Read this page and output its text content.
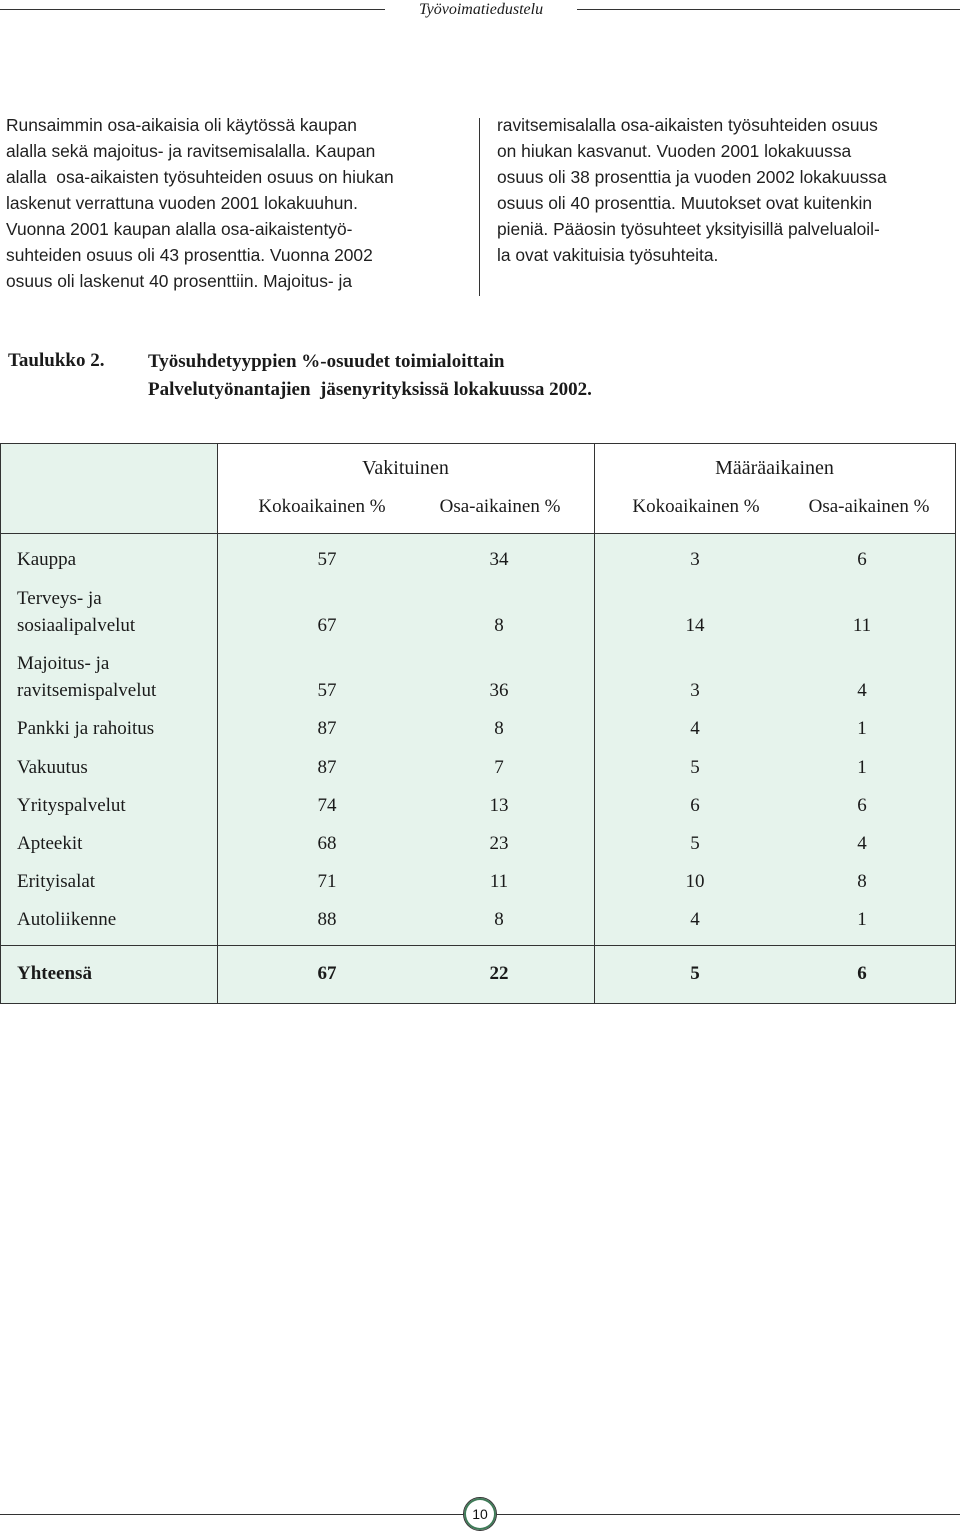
Työvoimatiedustelu
Runsaimmin osa-aikaisia oli käytössä kaupan
alalla sekä majoitus- ja ravitsemisalalla. Kaupan
alalla  osa-aikaisten työsuhteiden osuus on hiukan
laskenut verrattuna vuoden 2001 lokakuuhun.
Vuonna 2001 kaupan alalla osa-aikaistentyö-
suhteiden osuus oli 43 prosenttia. Vuonna 2002
osuus oli laskenut 40 prosenttiin. Majoitus- ja
ravitsemisalalla osa-aikaisten työsuhteiden osuus
on hiukan kasvanut. Vuoden 2001 lokakuussa
osuus oli 38 prosenttia ja vuoden 2002 lokakuussa
osuus oli 40 prosenttia. Muutokset ovat kuitenkin
pieniä. Pääosin työsuhteet yksityisillä palvelualoil-
la ovat vakituisia työsuhteita.
Taulukko 2. Työsuhdetyyppien %-osuudet toimialoittain
Palvelutyönantajien  jäsenyrityksissä lokakuussa 2002.
Vakituinen	Määräaikainen
Kokoaikainen %	Osa-aikainen %	Kokoaikainen %	Osa-aikainen %
Kauppa	57	34	3	6
Terveys- ja
sosiaalipalvelut	67	8	14	11
Majoitus- ja
ravitsemispalvelut	57	36	3	4
Pankki ja rahoitus	87	8	4	1
Vakuutus	87	7	5	1
Yrityspalvelut	74	13	6	6
Apteekit	68	23	5	4
Erityisalat	71	11	10	8
Autoliikenne	88	8	4	1
Yhteensä	67	22	5	6
10
